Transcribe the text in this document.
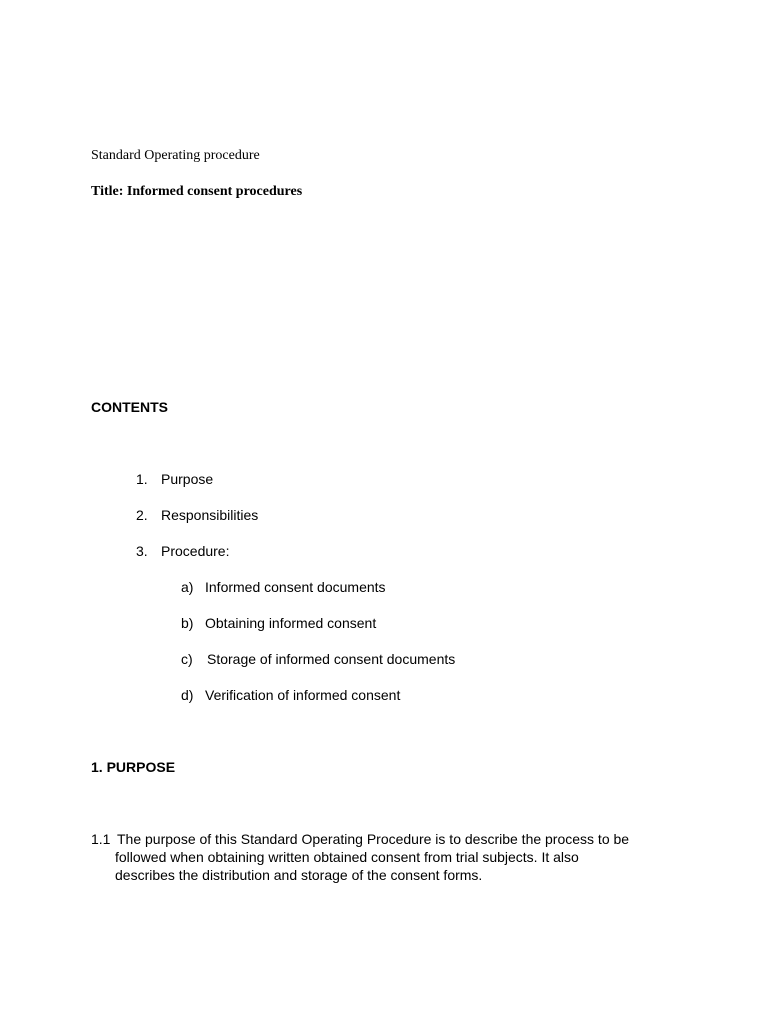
Standard Operating procedure
Title: Informed consent procedures
CONTENTS
1. Purpose
2. Responsibilities
3. Procedure:
a) Informed consent documents
b) Obtaining informed consent
c) Storage of informed consent documents
d) Verification of informed consent
1. PURPOSE
1.1 The purpose of this Standard Operating Procedure is to describe the process to be
followed when obtaining written obtained consent from trial subjects. It also
describes the distribution and storage of the consent forms.
